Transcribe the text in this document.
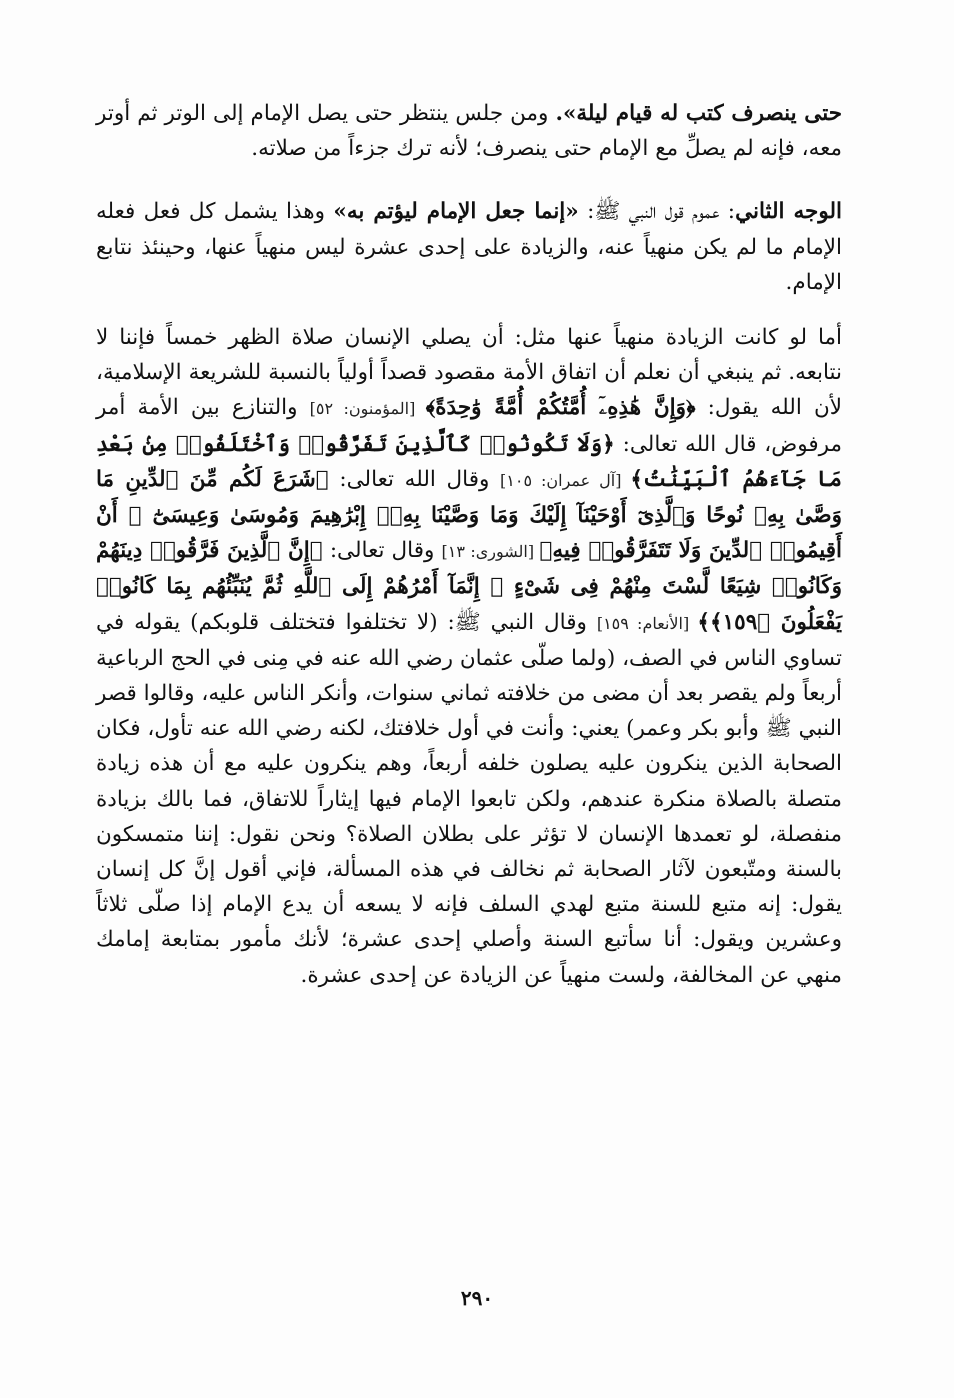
حتى ينصرف كتب له قيام ليلة». ومن جلس ينتظر حتى يصل الإمام إلى الوتر ثم أوتر معه، فإنه لم يصلِّ مع الإمام حتى ينصرف؛ لأنه ترك جزءاً من صلاته.

الوجه الثاني: عموم قول النبي ﷺ: «إنما جعل الإمام ليؤتم به» وهذا يشمل كل فعل فعله الإمام ما لم يكن منهياً عنه، والزيادة على إحدى عشرة ليس منهياً عنها، وحينئذ نتابع الإمام.

أما لو كانت الزيادة منهياً عنها مثل: أن يصلي الإنسان صلاة الظهر خمساً فإننا لا نتابعه. ثم ينبغي أن نعلم أن اتفاق الأمة مقصود قصداً أولياً بالنسبة للشريعة الإسلامية، لأن الله يقول: ﴿وَإِنَّ هَٰذِهِۦٓ أُمَّتُكُمْ أُمَّةً وَٰحِدَةً﴾ [المؤمنون: ٥٢] والتنازع بين الأمة أمر مرفوض، قال الله تعالى: ﴿وَلَا تَكُونُوا۟ كَٱلَّذِينَ تَفَرَّقُوا۟ وَٱخْتَلَفُوا۟ مِنۢ بَعْدِ مَا جَآءَهُمُ ٱلْبَيِّنَٰتُ﴾ [آل عمران: ١٠٥] وقال الله تعالى: ﴿شَرَعَ لَكُم مِّنَ ٱلدِّينِ مَا وَصَّىٰ بِهِۦ نُوحًا وَٱلَّذِىٓ أَوْحَيْنَآ إِلَيْكَ وَمَا وَصَّيْنَا بِهِۦٓ إِبْرَٰهِيمَ وَمُوسَىٰ وَعِيسَىٰٓ ۖ أَنْ أَقِيمُوا۟ ٱلدِّينَ وَلَا تَتَفَرَّقُوا۟ فِيهِ﴾ [الشورى: ١٣] وقال تعالى: ﴿إِنَّ ٱلَّذِينَ فَرَّقُوا۟ دِينَهُمْ وَكَانُوا۟ شِيَعًا لَّسْتَ مِنْهُمْ فِى شَىْءٍ ۚ إِنَّمَآ أَمْرُهُمْ إِلَى ٱللَّهِ ثُمَّ يُنَبِّئُهُم بِمَا كَانُوا۟ يَفْعَلُونَ ﴿١٥٩﴾﴾ [الأنعام: ١٥٩] وقال النبي ﷺ: (لا تختلفوا فتختلف قلوبكم) يقوله في تساوي الناس في الصف، (ولما صلّى عثمان رضي الله عنه في مِنى في الحج الرباعية أربعاً ولم يقصر بعد أن مضى من خلافته ثماني سنوات، وأنكر الناس عليه، وقالوا قصر النبي ﷺ وأبو بكر وعمر) يعني: وأنت في أول خلافتك، لكنه رضي الله عنه تأول، فكان الصحابة الذين ينكرون عليه يصلون خلفه أربعاً، وهم ينكرون عليه مع أن هذه زيادة متصلة بالصلاة منكرة عندهم، ولكن تابعوا الإمام فيها إيثاراً للاتفاق، فما بالك بزيادة منفصلة، لو تعمدها الإنسان لا تؤثر على بطلان الصلاة؟ ونحن نقول: إننا متمسكون بالسنة ومتّبعون لآثار الصحابة ثم نخالف في هذه المسألة، فإني أقول إنَّ كل إنسان يقول: إنه متبع للسنة متبع لهدي السلف فإنه لا يسعه أن يدع الإمام إذا صلّى ثلاثاً وعشرين ويقول: أنا سأتبع السنة وأصلي إحدى عشرة؛ لأنك مأمور بمتابعة إمامك منهي عن المخالفة، ولست منهياً عن الزيادة عن إحدى عشرة.

٢٩٠
